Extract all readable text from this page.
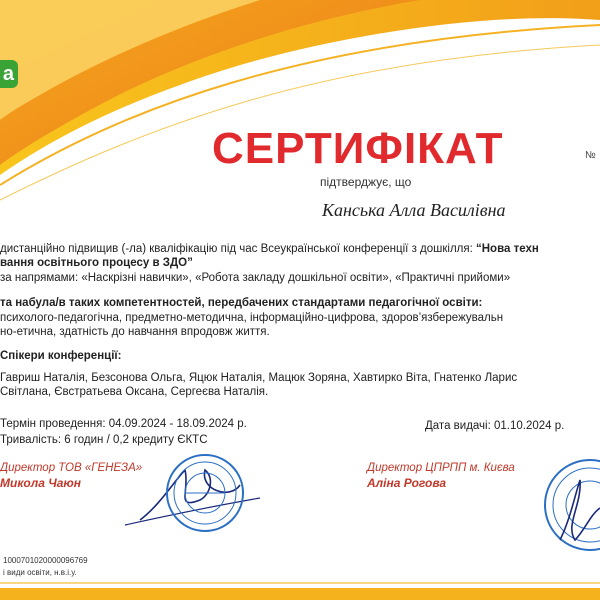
a
СЕРТИФІКАТ	№
підтверджує, що
Канська Алла Василівна
дистанційно підвищив (-ла) кваліфікацію під час Всеукраїнської конференції з дошкілля: “Нова техн
вання освітнього процесу в ЗДО”
за напрямами: «Наскрізні навички», «Робота закладу дошкільної освіти», «Практичні прийоми»
та набула/в таких компетентностей, передбачених стандартами педагогічної освіти:
психолого-педагогічна, предметно-методична, інформаційно-цифрова, здоров’язбережувальн
но-етична, здатність до навчання впродовж життя.
Спікери конференції:
Гавриш Наталія, Безсонова Ольга, Яцюк Наталія, Мацюк Зоряна, Хавтирко Віта, Гнатенко Ларис
Світлана, Євстратьева Оксана, Сергеєва Наталія.
Термін проведення: 04.09.2024 - 18.09.2024 р.
Тривалість: 6 годин / 0,2 кредиту ЄКТС
Дата видачі: 01.10.2024 р.
Директор ТОВ «ГЕНЕЗА»
Микола Чаюн
Директор ЦПРПП м. Києва
Аліна Рогова
1000701020000096769
і види освіти, н.в.і.у.
